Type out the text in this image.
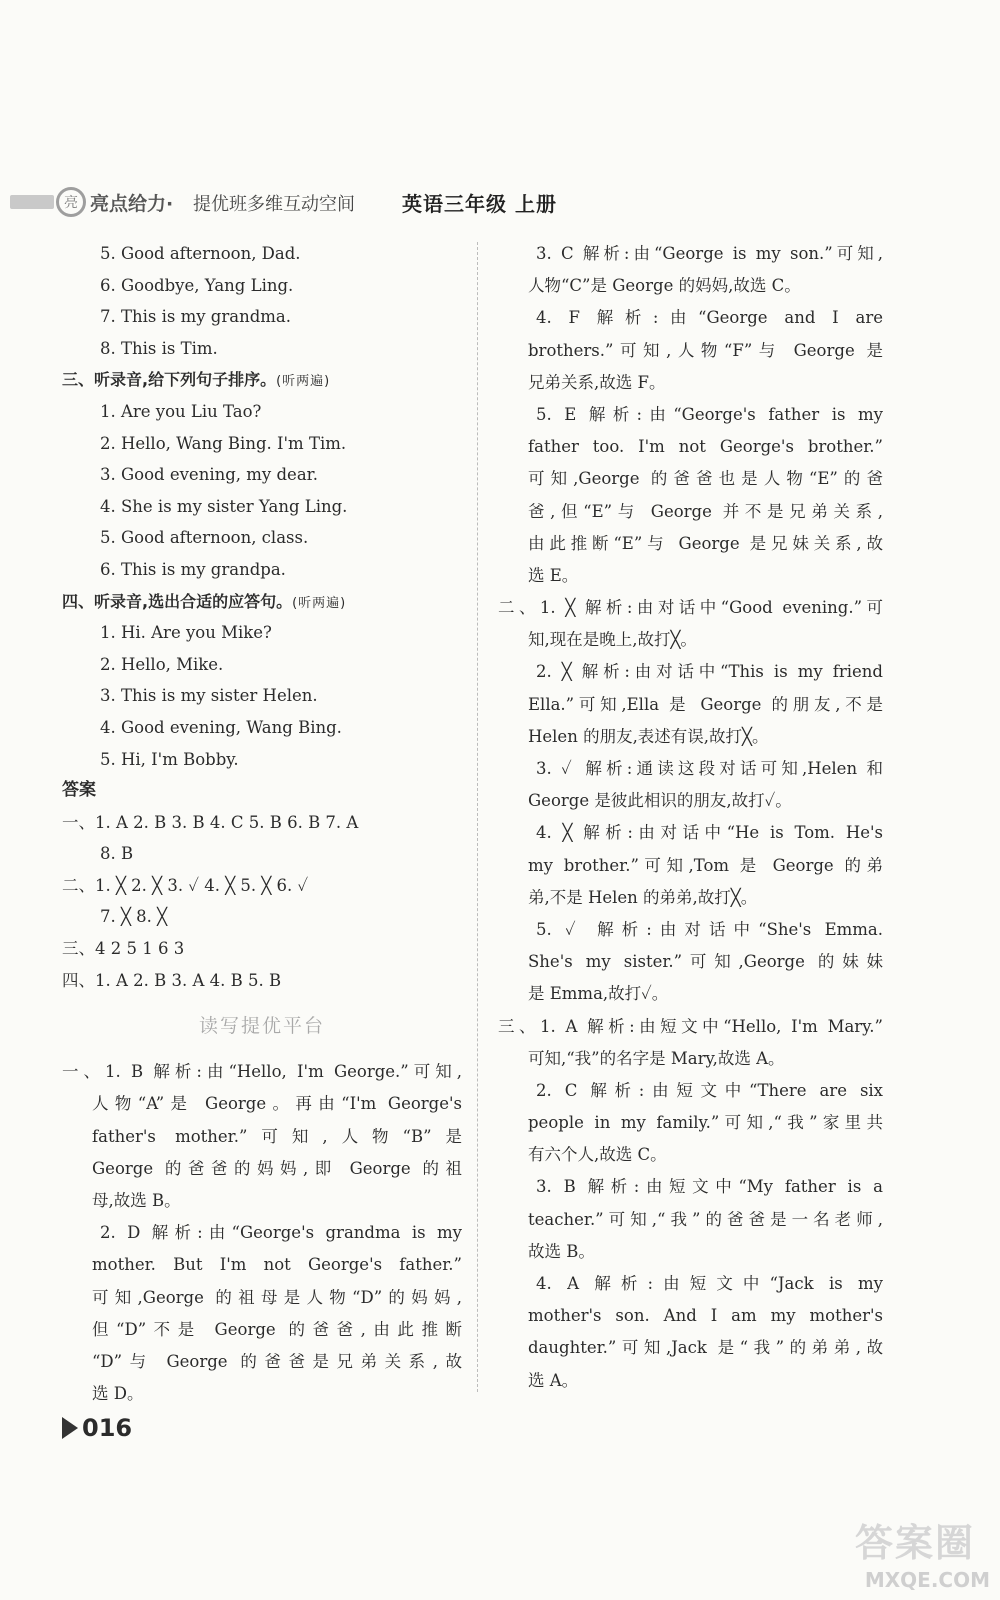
亮 亮点给力· 提优班多维互动空间 英语三年级 上册
5. Good afternoon, Dad.
6. Goodbye, Yang Ling.
7. This is my grandma.
8. This is Tim.
三、听录音,给下列句子排序。(听两遍)
1. Are you Liu Tao?
2. Hello, Wang Bing. I'm Tim.
3. Good evening, my dear.
4. She is my sister Yang Ling.
5. Good afternoon, class.
6. This is my grandpa.
四、听录音,选出合适的应答句。(听两遍)
1. Hi. Are you Mike?
2. Hello, Mike.
3. This is my sister Helen.
4. Good evening, Wang Bing.
5. Hi, I'm Bobby.
答案
一、1. A 2. B 3. B 4. C 5. B 6. B 7. A
8. B
二、1. ╳ 2. ╳ 3. ✓ 4. ╳ 5. ╳ 6. ✓
7. ╳ 8. ╳
三、4 2 5 1 6 3
四、1. A 2. B 3. A 4. B 5. B
读写提优平台
一、1. B 解析:由“Hello, I'm George.”可知,
人物“A”是 George。再由“I'm George's
father's mother.”可知,人物“B”是
George 的爸爸的妈妈,即 George 的祖
母,故选 B。
2. D 解析:由“George's grandma is my
mother. But I'm not George's father.”
可知,George 的祖母是人物“D”的妈妈,
但“D”不是 George 的爸爸,由此推断
“D”与 George 的爸爸是兄弟关系,故
选 D。
3. C 解析:由“George is my son.”可知,
人物“C”是 George 的妈妈,故选 C。
4. F 解析:由“George and I are
brothers.”可知,人物“F”与 George 是
兄弟关系,故选 F。
5. E 解析:由“George's father is my
father too. I'm not George's brother.”
可知,George 的爸爸也是人物“E”的爸
爸,但“E”与 George 并不是兄弟关系,
由此推断“E”与 George 是兄妹关系,故
选 E。
二、1. ╳ 解析:由对话中“Good evening.”可
知,现在是晚上,故打╳。
2. ╳ 解析:由对话中“This is my friend
Ella.”可知,Ella 是 George 的朋友,不是
Helen 的朋友,表述有误,故打╳。
3. ✓ 解析:通读这段对话可知,Helen 和
George 是彼此相识的朋友,故打✓。
4. ╳ 解析:由对话中“He is Tom. He's
my brother.”可知,Tom 是 George 的弟
弟,不是 Helen 的弟弟,故打╳。
5. ✓ 解析:由对话中“She's Emma.
She's my sister.”可知,George 的妹妹
是 Emma,故打✓。
三、1. A 解析:由短文中“Hello, I'm Mary.”
可知,“我”的名字是 Mary,故选 A。
2. C 解析:由短文中“There are six
people in my family.”可知,“我”家里共
有六个人,故选 C。
3. B 解析:由短文中“My father is a
teacher.”可知,“我”的爸爸是一名老师,
故选 B。
4. A 解析:由短文中“Jack is my
mother's son. And I am my mother's
daughter.”可知,Jack 是“我”的弟弟,故
选 A。
016
答案圈
MXQE.COM
